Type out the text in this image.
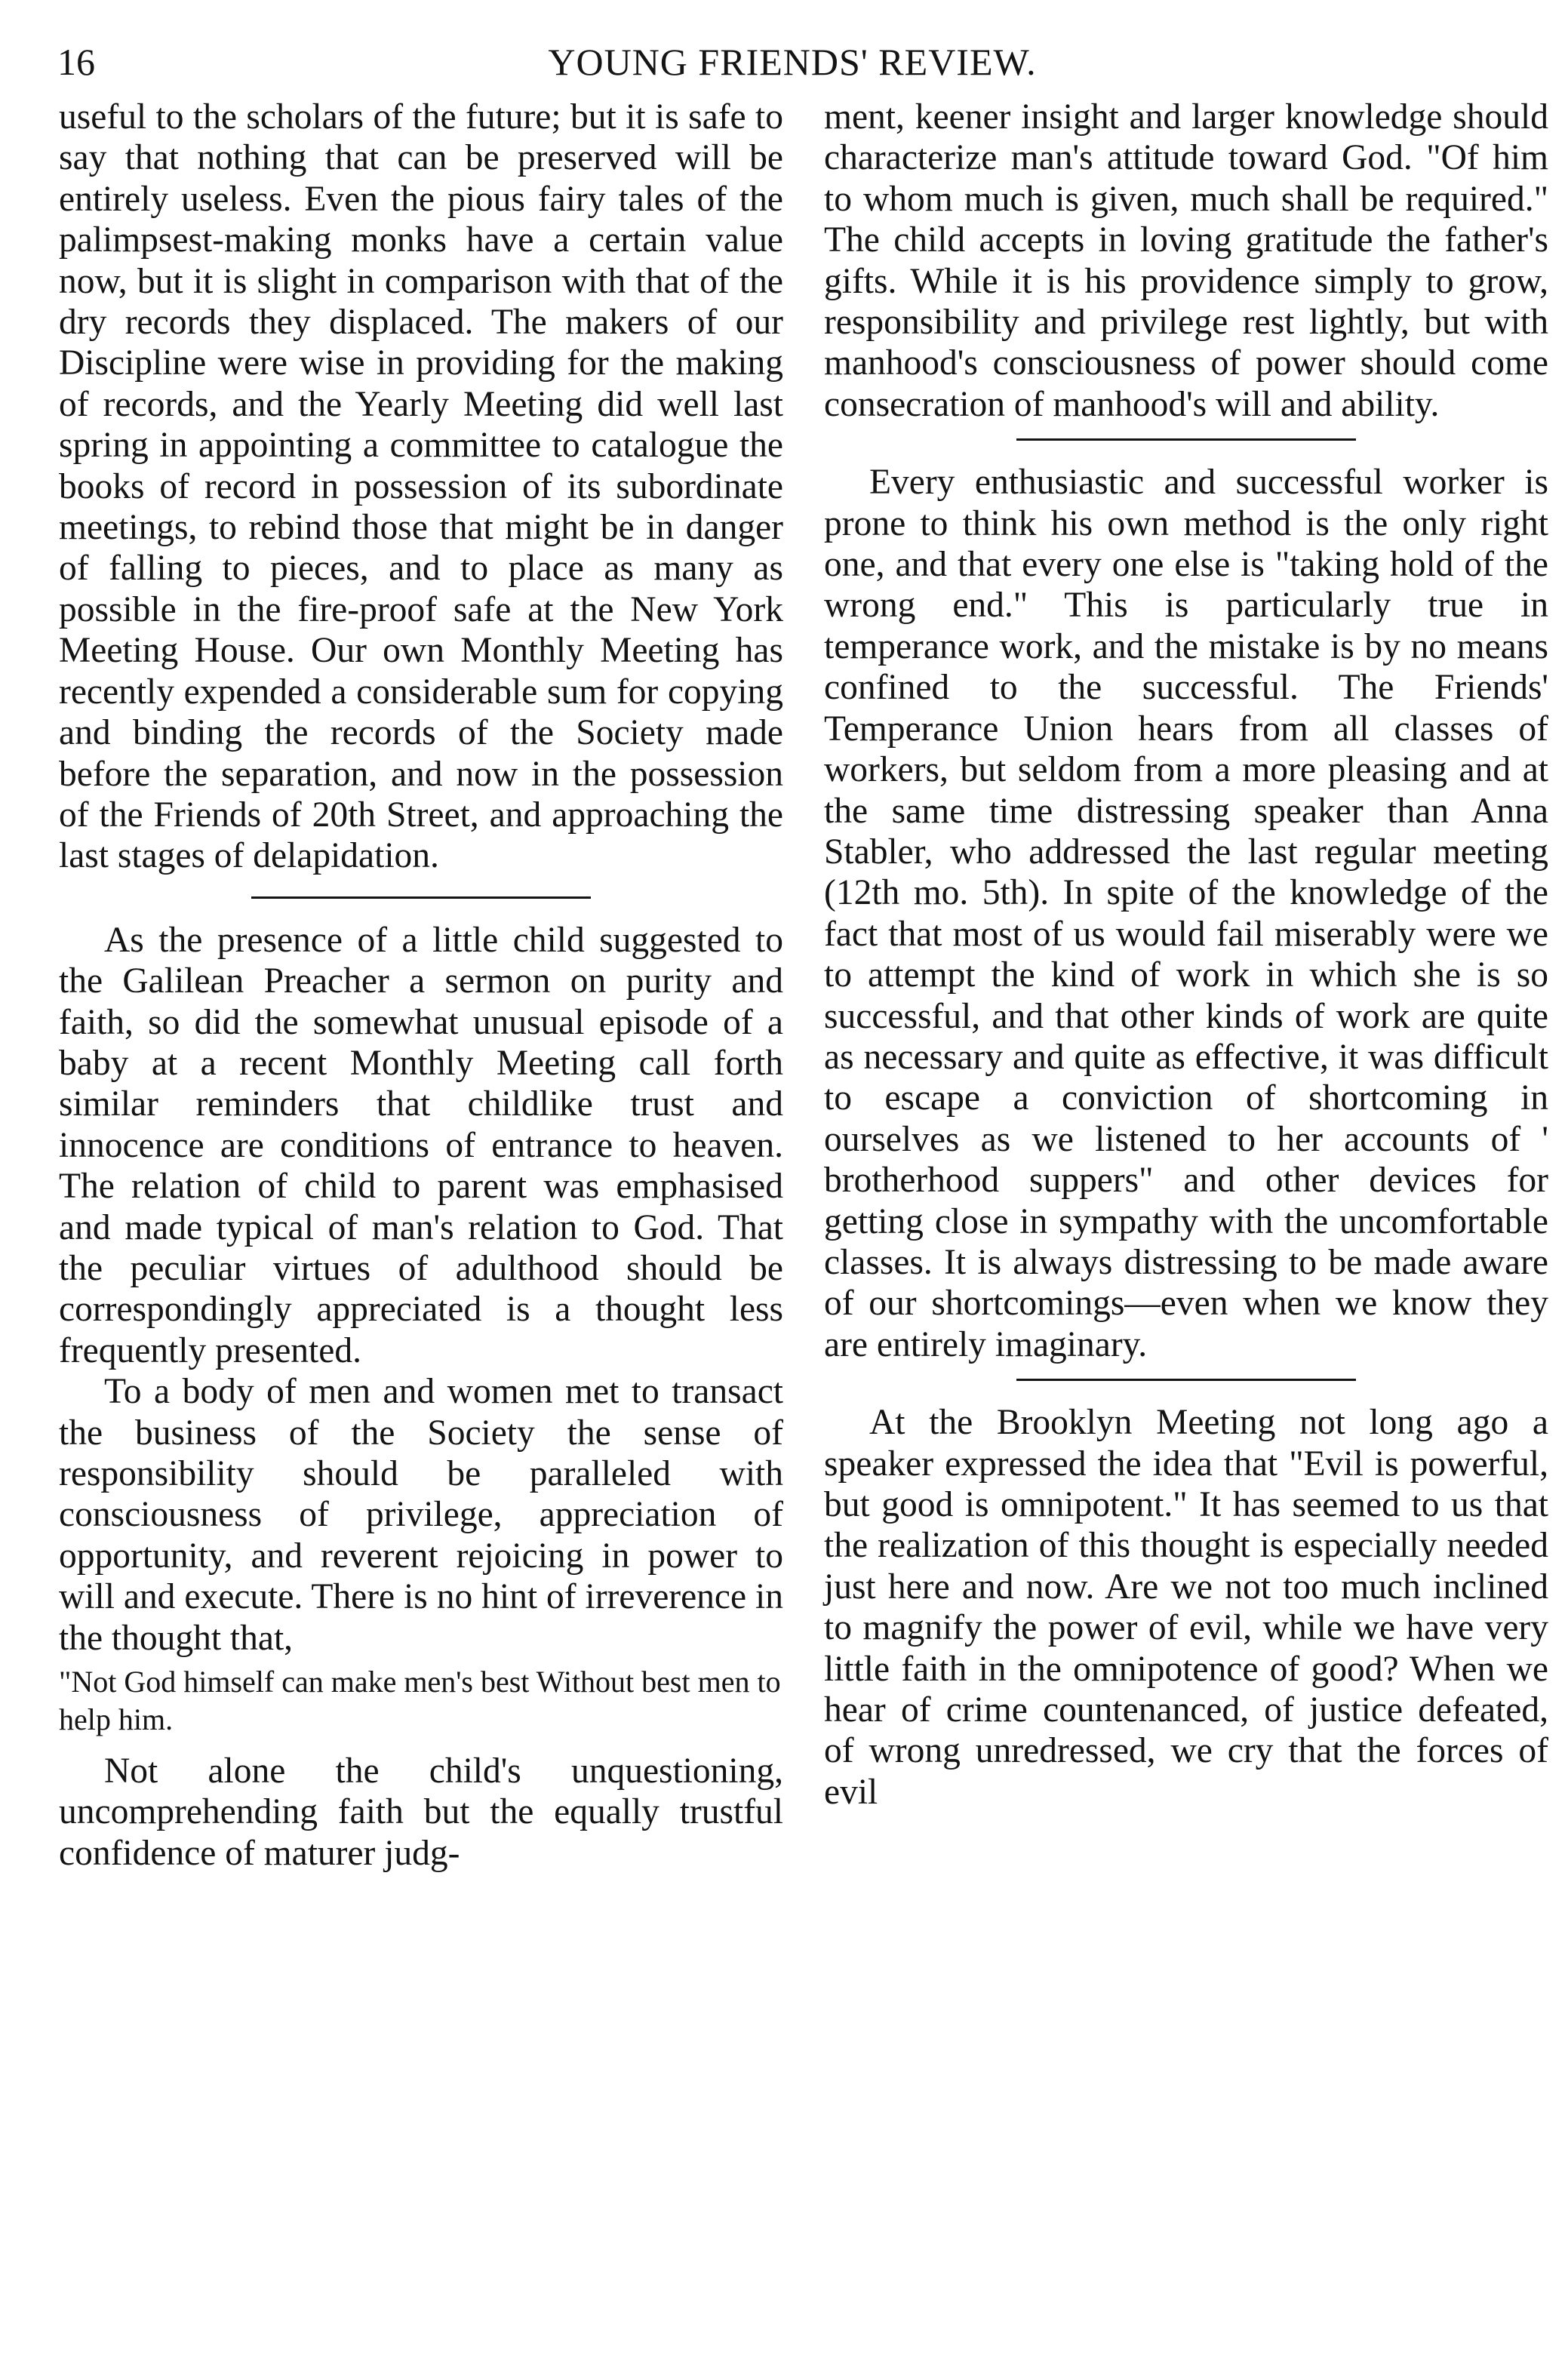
16	YOUNG FRIENDS' REVIEW.

useful to the scholars of the future; but it is safe to say that nothing that can be preserved will be entirely useless. Even the pious fairy tales of the palimpsest-making monks have a certain value now, but it is slight in comparison with that of the dry records they displaced. The makers of our Discipline were wise in providing for the making of records, and the Yearly Meeting did well last spring in appointing a committee to catalogue the books of record in possession of its subordinate meetings, to rebind those that might be in danger of falling to pieces, and to place as many as possible in the fire-proof safe at the New York Meeting House. Our own Monthly Meeting has recently expended a considerable sum for copying and binding the records of the Society made before the separation, and now in the possession of the Friends of 20th Street, and approaching the last stages of delapidation.

As the presence of a little child suggested to the Galilean Preacher a sermon on purity and faith, so did the somewhat unusual episode of a baby at a recent Monthly Meeting call forth similar reminders that childlike trust and innocence are conditions of entrance to heaven. The relation of child to parent was emphasised and made typical of man's relation to God. That the peculiar virtues of adulthood should be correspondingly appreciated is a thought less frequently presented.

To a body of men and women met to transact the business of the Society the sense of responsibility should be paralleled with consciousness of privilege, appreciation of opportunity, and reverent rejoicing in power to will and execute. There is no hint of irreverence in the thought that,

"Not God himself can make men's best Without best men to help him.

Not alone the child's unquestioning, uncomprehending faith but the equally trustful confidence of maturer judg-

ment, keener insight and larger knowledge should characterize man's attitude toward God. "Of him to whom much is given, much shall be required." The child accepts in loving gratitude the father's gifts. While it is his providence simply to grow, responsibility and privilege rest lightly, but with manhood's consciousness of power should come consecration of manhood's will and ability.

Every enthusiastic and successful worker is prone to think his own method is the only right one, and that every one else is "taking hold of the wrong end." This is particularly true in temperance work, and the mistake is by no means confined to the successful. The Friends' Temperance Union hears from all classes of workers, but seldom from a more pleasing and at the same time distressing speaker than Anna Stabler, who addressed the last regular meeting (12th mo. 5th). In spite of the knowledge of the fact that most of us would fail miserably were we to attempt the kind of work in which she is so successful, and that other kinds of work are quite as necessary and quite as effective, it was difficult to escape a conviction of shortcoming in ourselves as we listened to her accounts of ' brotherhood suppers" and other devices for getting close in sympathy with the uncomfortable classes. It is always distressing to be made aware of our shortcomings—even when we know they are entirely imaginary.

At the Brooklyn Meeting not long ago a speaker expressed the idea that "Evil is powerful, but good is omnipotent." It has seemed to us that the realization of this thought is especially needed just here and now. Are we not too much inclined to magnify the power of evil, while we have very little faith in the omnipotence of good? When we hear of crime countenanced, of justice defeated, of wrong unredressed, we cry that the forces of evil
